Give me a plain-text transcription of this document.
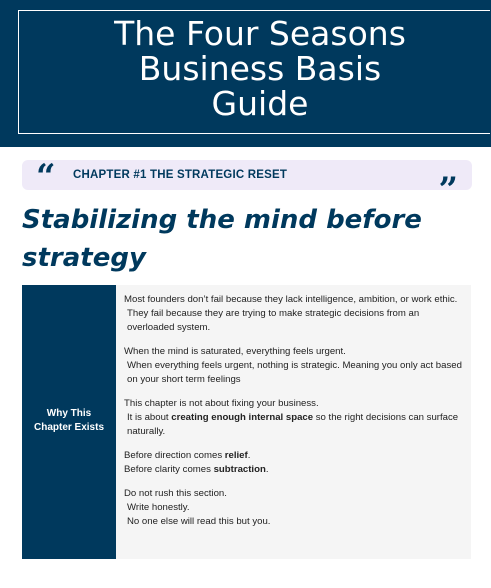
The Four Seasons
Business Basis
Guide
“ CHAPTER #1 THE STRATEGIC RESET	”
Stabilizing the mind before
strategy
Why This
Chapter Exists

Most founders don’t fail because they lack intelligence, ambition, or work ethic.
They fail because they are trying to make strategic decisions from an overloaded system.

When the mind is saturated, everything feels urgent.
When everything feels urgent, nothing is strategic. Meaning you only act based on your short term feelings

This chapter is not about fixing your business.
It is about creating enough internal space so the right decisions can surface naturally.

Before direction comes relief.
Before clarity comes subtraction.

Do not rush this section.
Write honestly.
No one else will read this but you.
